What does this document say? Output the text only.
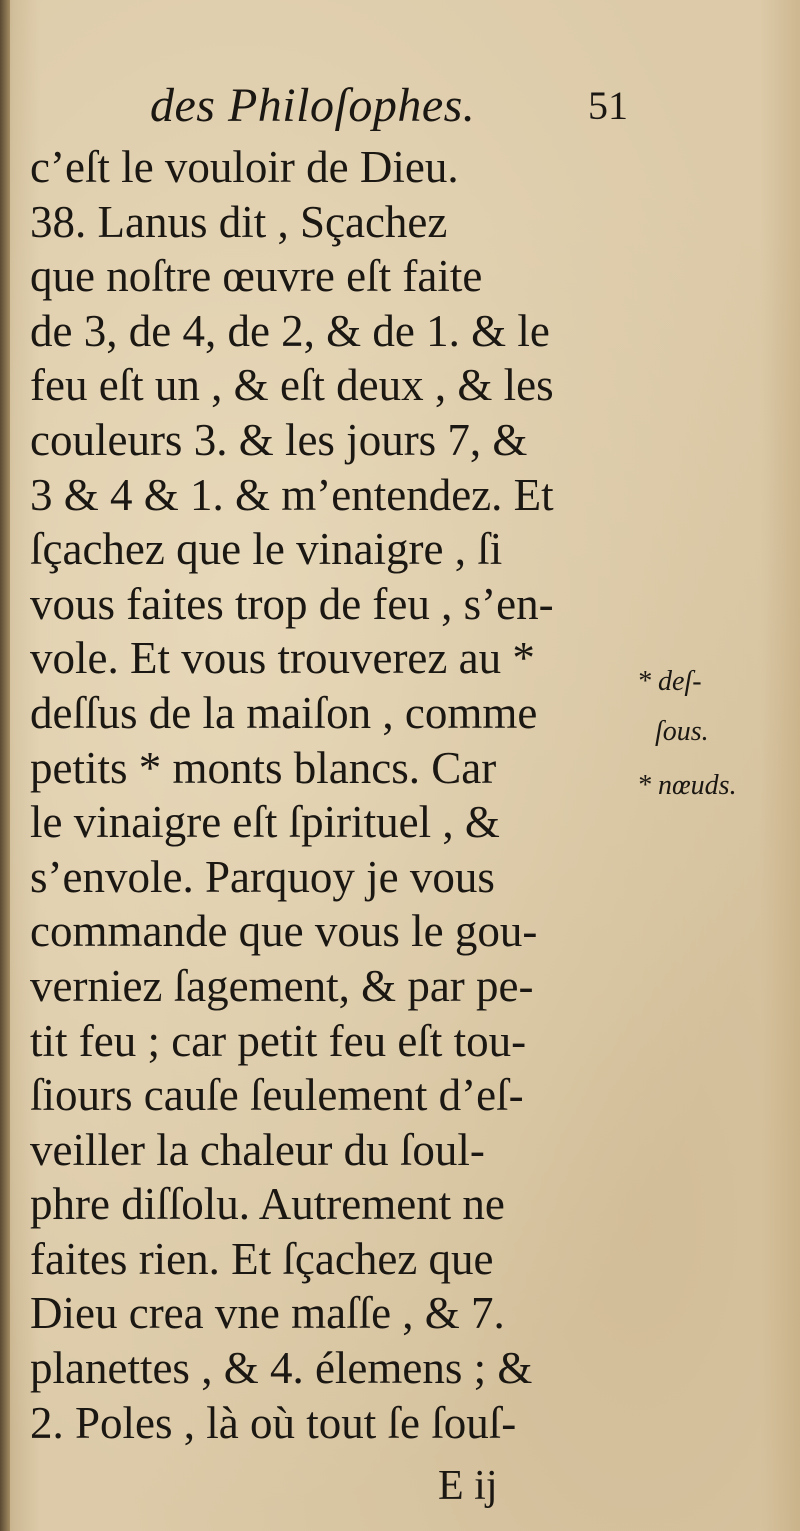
des Philoſophes.	51
c’eſt le vouloir de Dieu.
38. Lanus dit , Sçachez
que noſtre œuvre eſt faite
de 3, de 4, de 2, & de 1. & le
feu eſt un , & eſt deux , & les
couleurs 3. & les jours 7, &
3 & 4 & 1. & m’entendez. Et
ſçachez que le vinaigre , ſi
vous faites trop de feu , s’en-
vole. Et vous trouverez au *
deſſus de la maiſon , comme
petits * monts blancs. Car
le vinaigre eſt ſpirituel , &
s’envole. Parquoy je vous
commande que vous le gou-
verniez ſagement, & par pe-
tit feu ; car petit feu eſt tou-
ſiours cauſe ſeulement d’eſ-
veiller la chaleur du ſoul-
phre diſſolu. Autrement ne
faites rien. Et ſçachez que
Dieu crea vne maſſe , & 7.
planettes , & 4. élemens ; &
2. Poles , là où tout ſe ſouſ-
* deſ-
ſous.
* nœuds.
E ij
